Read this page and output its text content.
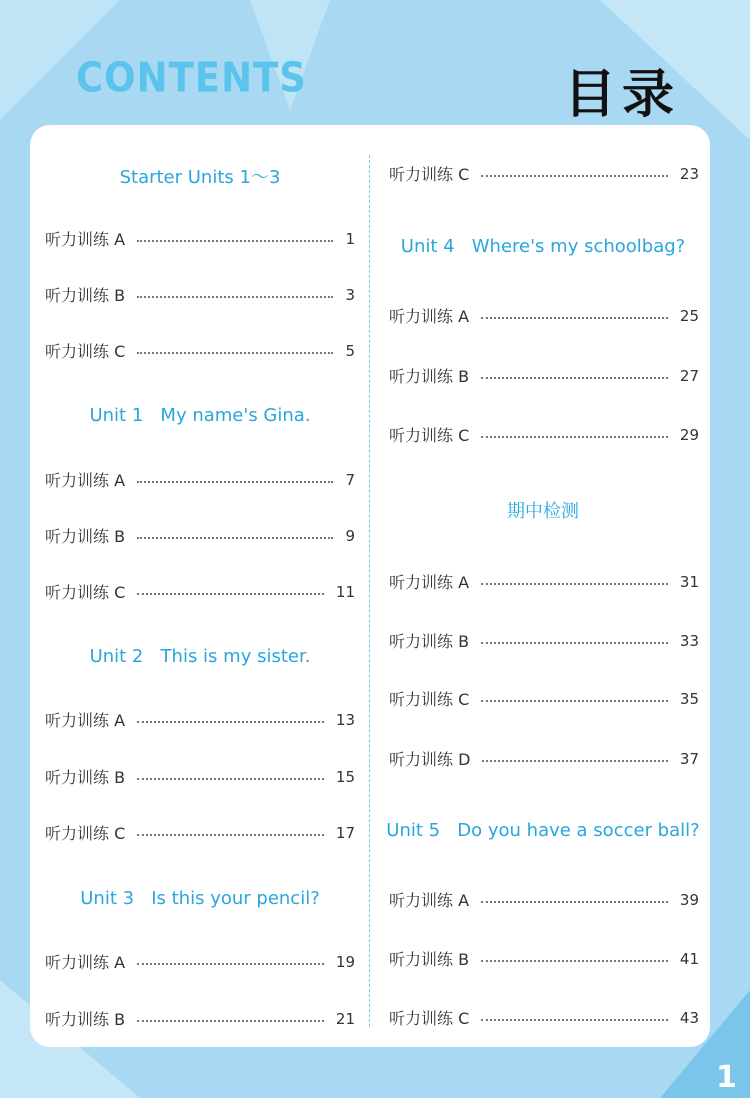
CONTENTS	目录
1
Starter Units 1～3
听力训练 A	1
听力训练 B	3
听力训练 C	5
Unit 1   My name's Gina.
听力训练 A	7
听力训练 B	9
听力训练 C	11
Unit 2   This is my sister.
听力训练 A	13
听力训练 B	15
听力训练 C	17
Unit 3   Is this your pencil?
听力训练 A	19
听力训练 B	21
听力训练 C	23
Unit 4   Where's my schoolbag?
听力训练 A	25
听力训练 B	27
听力训练 C	29
期中检测
听力训练 A	31
听力训练 B	33
听力训练 C	35
听力训练 D	37
Unit 5   Do you have a soccer ball?
听力训练 A	39
听力训练 B	41
听力训练 C	43
